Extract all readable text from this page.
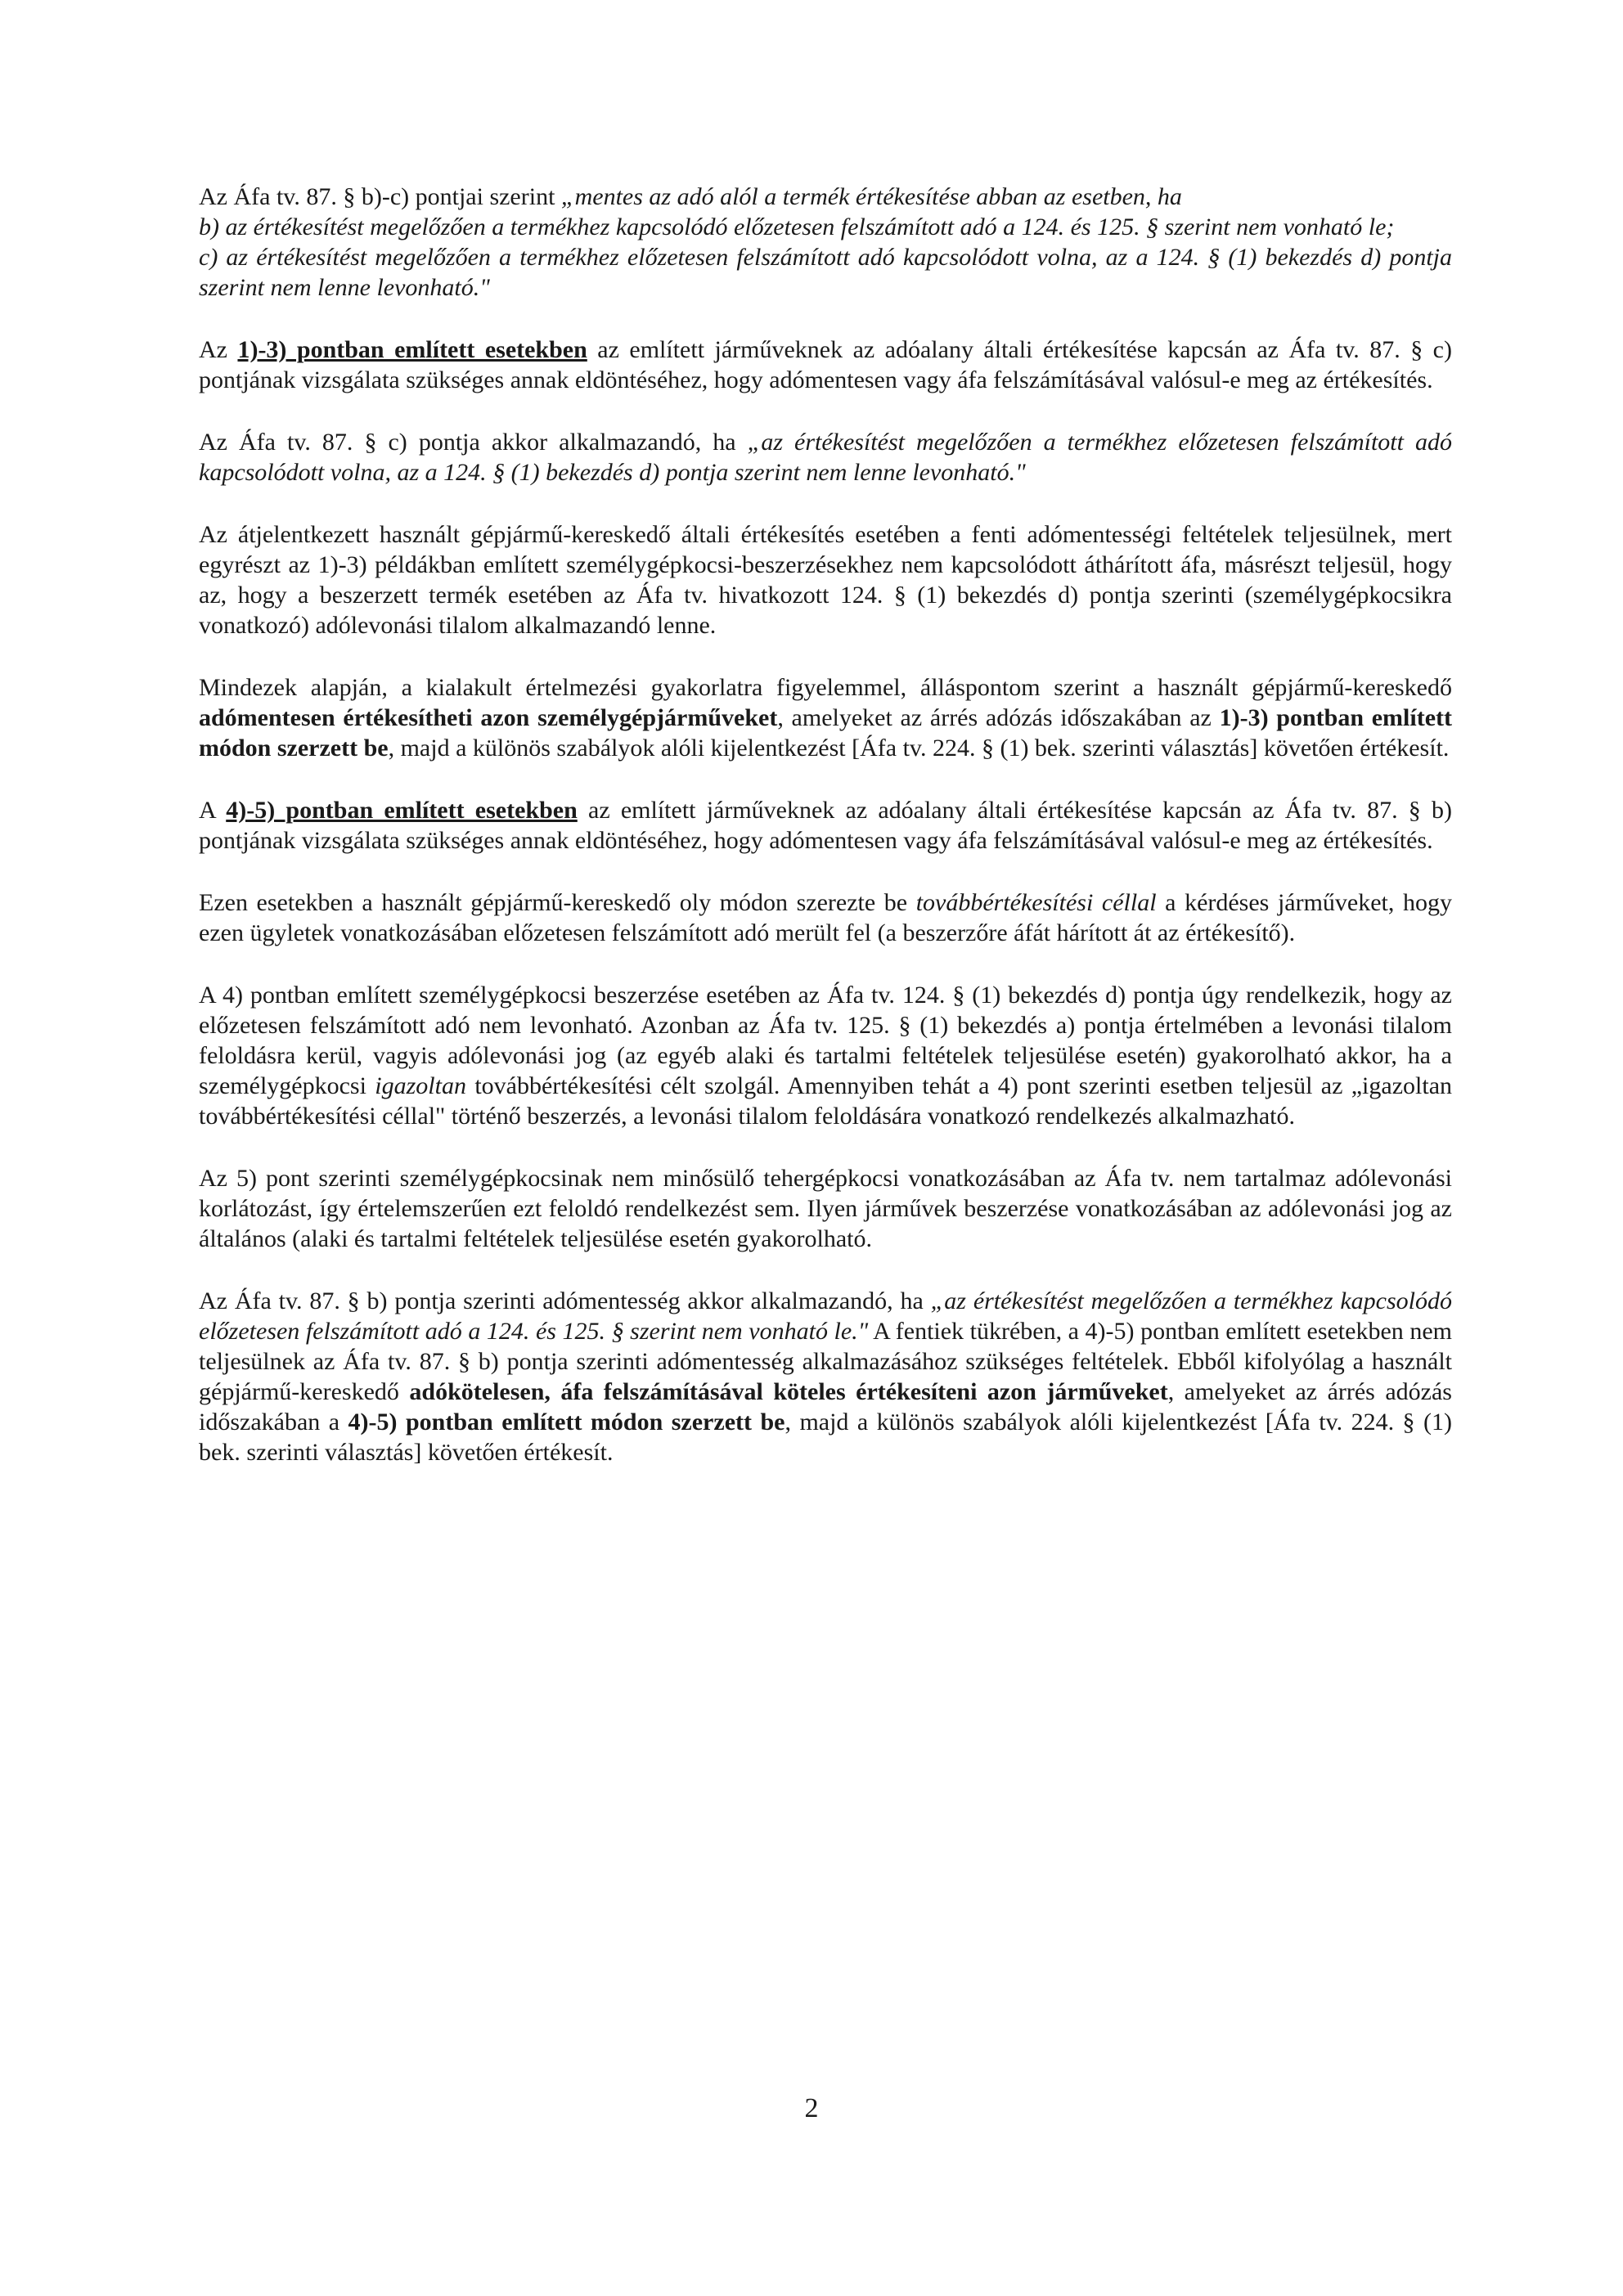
Az Áfa tv. 87. § b)-c) pontjai szerint „mentes az adó alól a termék értékesítése abban az esetben, ha
b) az értékesítést megelőzően a termékhez kapcsolódó előzetesen felszámított adó a 124. és 125. § szerint nem vonható le;
c) az értékesítést megelőzően a termékhez előzetesen felszámított adó kapcsolódott volna, az a 124. § (1) bekezdés d) pontja szerint nem lenne levonható."

Az 1)-3) pontban említett esetekben az említett járműveknek az adóalany általi értékesítése kapcsán az Áfa tv. 87. § c) pontjának vizsgálata szükséges annak eldöntéséhez, hogy adómentesen vagy áfa felszámításával valósul-e meg az értékesítés.

Az Áfa tv. 87. § c) pontja akkor alkalmazandó, ha „az értékesítést megelőzően a termékhez előzetesen felszámított adó kapcsolódott volna, az a 124. § (1) bekezdés d) pontja szerint nem lenne levonható."

Az átjelentkezett használt gépjármű-kereskedő általi értékesítés esetében a fenti adómentességi feltételek teljesülnek, mert egyrészt az 1)-3) példákban említett személygépkocsi-beszerzésekhez nem kapcsolódott áthárított áfa, másrészt teljesül, hogy az, hogy a beszerzett termék esetében az Áfa tv. hivatkozott 124. § (1) bekezdés d) pontja szerinti (személygépkocsikra vonatkozó) adólevonási tilalom alkalmazandó lenne.

Mindezek alapján, a kialakult értelmezési gyakorlatra figyelemmel, álláspontom szerint a használt gépjármű-kereskedő adómentesen értékesítheti azon személygépjárműveket, amelyeket az árrés adózás időszakában az 1)-3) pontban említett módon szerzett be, majd a különös szabályok alóli kijelentkezést [Áfa tv. 224. § (1) bek. szerinti választás] követően értékesít.

A 4)-5) pontban említett esetekben az említett járműveknek az adóalany általi értékesítése kapcsán az Áfa tv. 87. § b) pontjának vizsgálata szükséges annak eldöntéséhez, hogy adómentesen vagy áfa felszámításával valósul-e meg az értékesítés.

Ezen esetekben a használt gépjármű-kereskedő oly módon szerezte be továbbértékesítési céllal a kérdéses járműveket, hogy ezen ügyletek vonatkozásában előzetesen felszámított adó merült fel (a beszerzőre áfát hárított át az értékesítő).

A 4) pontban említett személygépkocsi beszerzése esetében az Áfa tv. 124. § (1) bekezdés d) pontja úgy rendelkezik, hogy az előzetesen felszámított adó nem levonható. Azonban az Áfa tv. 125. § (1) bekezdés a) pontja értelmében a levonási tilalom feloldásra kerül, vagyis adólevonási jog (az egyéb alaki és tartalmi feltételek teljesülése esetén) gyakorolható akkor, ha a személygépkocsi igazoltan továbbértékesítési célt szolgál. Amennyiben tehát a 4) pont szerinti esetben teljesül az „igazoltan továbbértékesítési céllal" történő beszerzés, a levonási tilalom feloldására vonatkozó rendelkezés alkalmazható.

Az 5) pont szerinti személygépkocsinak nem minősülő tehergépkocsi vonatkozásában az Áfa tv. nem tartalmaz adólevonási korlátozást, így értelemszerűen ezt feloldó rendelkezést sem. Ilyen járművek beszerzése vonatkozásában az adólevonási jog az általános (alaki és tartalmi feltételek teljesülése esetén gyakorolható.

Az Áfa tv. 87. § b) pontja szerinti adómentesség akkor alkalmazandó, ha „az értékesítést megelőzően a termékhez kapcsolódó előzetesen felszámított adó a 124. és 125. § szerint nem vonható le." A fentiek tükrében, a 4)-5) pontban említett esetekben nem teljesülnek az Áfa tv. 87. § b) pontja szerinti adómentesség alkalmazásához szükséges feltételek. Ebből kifolyólag a használt gépjármű-kereskedő adókötelesen, áfa felszámításával köteles értékesíteni azon járműveket, amelyeket az árrés adózás időszakában a 4)-5) pontban említett módon szerzett be, majd a különös szabályok alóli kijelentkezést [Áfa tv. 224. § (1) bek. szerinti választás] követően értékesít.

2
